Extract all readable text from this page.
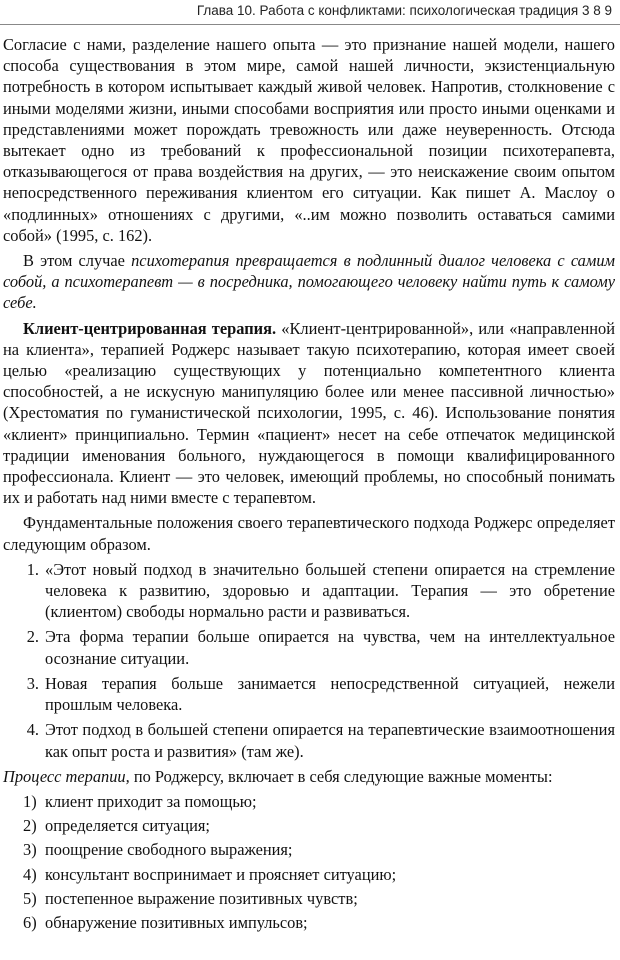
Глава 10. Работа с конфликтами: психологическая традиция 3 8 9

Согласие с нами, разделение нашего опыта — это признание нашей модели, нашего способа существования в этом мире, самой нашей личности, экзистенциальную потребность в котором испытывает каждый живой человек. Напротив, столкновение с иными моделями жизни, иными способами восприятия или просто иными оценками и представлениями может порождать тревожность или даже неуверенность. Отсюда вытекает одно из требований к профессиональной позиции психотерапевта, отказывающегося от права воздействия на других, — это неискажение своим опытом непосредственного переживания клиентом его ситуации. Как пишет А. Маслоу о «подлинных» отношениях с другими, «..им можно позволить оставаться самими собой» (1995, с. 162).

В этом случае психотерапия превращается в подлинный диалог человека с самим собой, а психотерапевт — в посредника, помогающего человеку найти путь к самому себе.

Клиент-центрированная терапия. «Клиент-центрированной», или «направленной на клиента», терапией Роджерс называет такую психотерапию, которая имеет своей целью «реализацию существующих у потенциально компетентного клиента способностей, а не искусную манипуляцию более или менее пассивной личностью» (Хрестоматия по гуманистической психологии, 1995, с. 46). Использование понятия «клиент» принципиально. Термин «пациент» несет на себе отпечаток медицинской традиции именования больного, нуждающегося в помощи квалифицированного профессионала. Клиент — это человек, имеющий проблемы, но способный понимать их и работать над ними вместе с терапевтом.

Фундаментальные положения своего терапевтического подхода Роджерс определяет следующим образом.

1. «Этот новый подход в значительно большей степени опирается на стремление человека к развитию, здоровью и адаптации. Терапия — это обретение (клиентом) свободы нормально расти и развиваться.
2. Эта форма терапии больше опирается на чувства, чем на интеллектуальное осознание ситуации.
3. Новая терапия больше занимается непосредственной ситуацией, нежели прошлым человека.
4. Этот подход в большей степени опирается на терапевтические взаимоотношения как опыт роста и развития» (там же).

Процесс терапии, по Роджерсу, включает в себя следующие важные моменты:

1) клиент приходит за помощью;
2) определяется ситуация;
3) поощрение свободного выражения;
4) консультант воспринимает и проясняет ситуацию;
5) постепенное выражение позитивных чувств;
6) обнаружение позитивных импульсов;
